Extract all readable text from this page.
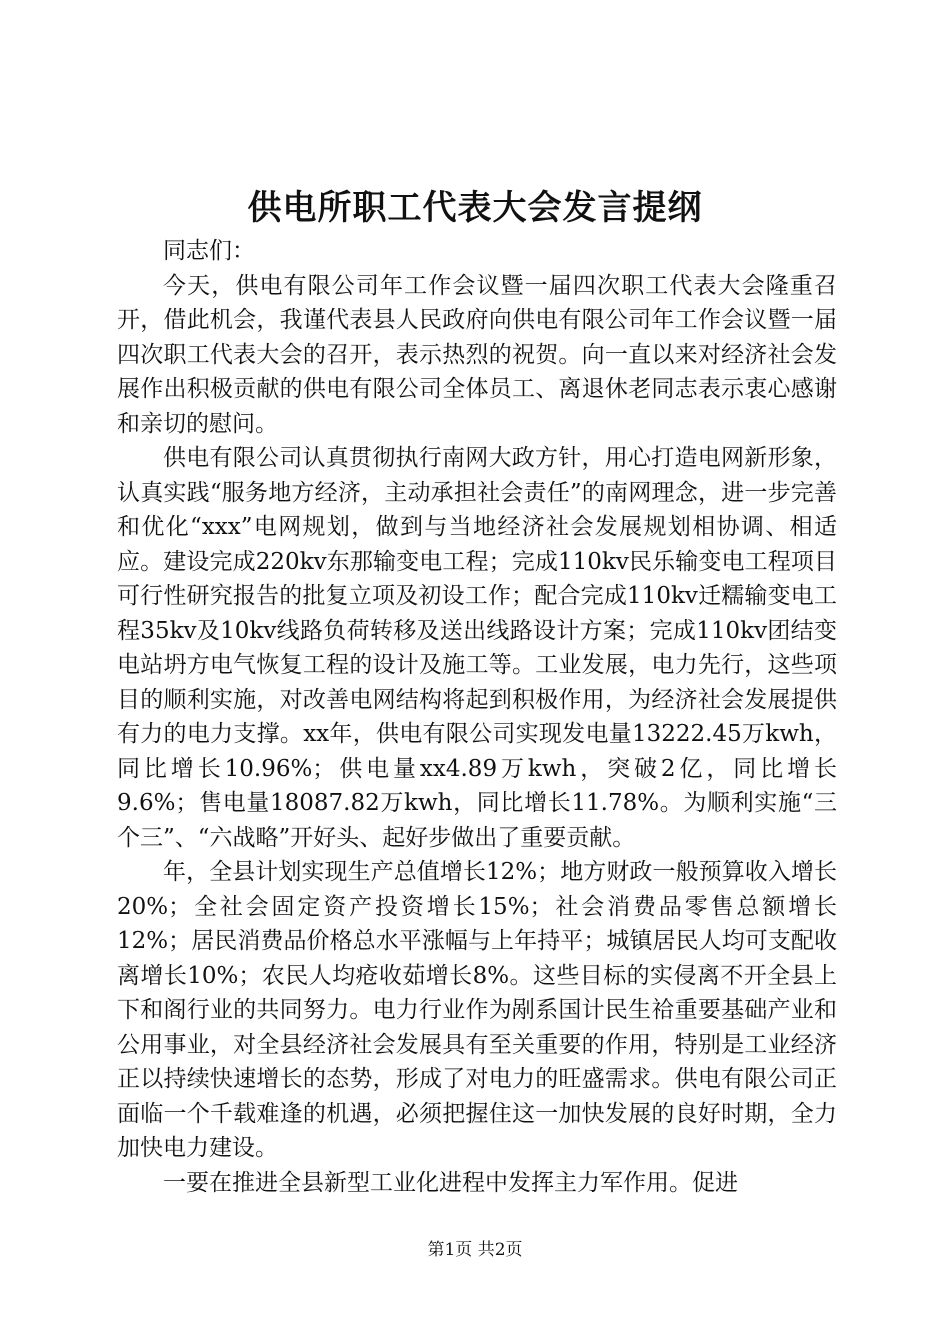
供电所职工代表大会发言提纲

同志们：

今天，供电有限公司年工作会议暨一届四次职工代表大会隆重召开，借此机会，我谨代表县人民政府向供电有限公司年工作会议暨一届四次职工代表大会的召开，表示热烈的祝贺。向一直以来对经济社会发展作出积极贡献的供电有限公司全体员工、离退休老同志表示衷心感谢和亲切的慰问。

供电有限公司认真贯彻执行南网大政方针，用心打造电网新形象，认真实践“服务地方经济，主动承担社会责任”的南网理念，进一步完善和优化“xxx”电网规划，做到与当地经济社会发展规划相协调、相适应。建设完成220kv东那输变电工程；完成110kv民乐输变电工程项目可行性研究报告的批复立项及初设工作；配合完成110kv迁糯输变电工程35kv及10kv线路负荷转移及送出线路设计方案；完成110kv团结变电站坍方电气恢复工程的设计及施工等。工业发展，电力先行，这些项目的顺利实施，对改善电网结构将起到积极作用，为经济社会发展提供有力的电力支撑。xx年，供电有限公司实现发电量13222.45万kwh，同比增长10.96%；供电量xx4.89万kwh，突破2亿，同比增长9.6%；售电量18087.82万kwh，同比增长11.78%。为顺利实施“三个三”、“六战略”开好头、起好步做出了重要贡献。

年，全县计划实现生产总值增长12%；地方财政一般预算收入增长20%；全社会固定资产投资增长15%；社会消费品零售总额增长12%；居民消费品价格总水平涨幅与上年持平；城镇居民人均可支配收离增长10%；农民人均疮收茹增长8%。这些目标的实侵离不开全县上下和阁行业的共同努力。电力行业作为剐系国计民生祫重要基础产业和公用事业，对全县经济社会发展具有至关重要的作用，特别是工业经济正以持续快速增长的态势，形成了对电力的旺盛需求。供电有限公司正面临一个千载难逢的机遇，必须把握住这一加快发展的良好时期，全力加快电力建设。

一要在推进全县新型工业化进程中发挥主力军作用。促进

第1页 共2页
